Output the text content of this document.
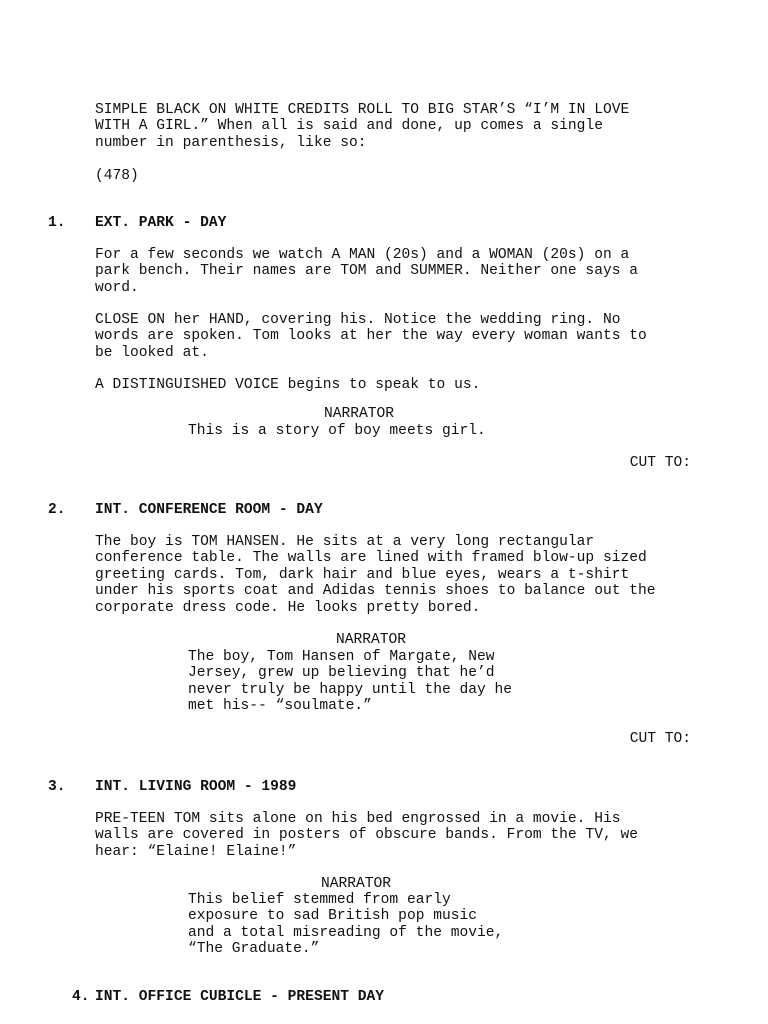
SIMPLE BLACK ON WHITE CREDITS ROLL TO BIG STAR’S “I’M IN LOVE
WITH A GIRL.” When all is said and done, up comes a single
number in parenthesis, like so:

(478)

1. EXT. PARK - DAY

For a few seconds we watch A MAN (20s) and a WOMAN (20s) on a
park bench. Their names are TOM and SUMMER. Neither one says a
word.

CLOSE ON her HAND, covering his. Notice the wedding ring. No
words are spoken. Tom looks at her the way every woman wants to
be looked at.

A DISTINGUISHED VOICE begins to speak to us.

NARRATOR

This is a story of boy meets girl.

CUT TO:

2. INT. CONFERENCE ROOM - DAY

The boy is TOM HANSEN. He sits at a very long rectangular
conference table. The walls are lined with framed blow-up sized
greeting cards. Tom, dark hair and blue eyes, wears a t-shirt
under his sports coat and Adidas tennis shoes to balance out the
corporate dress code. He looks pretty bored.

NARRATOR

The boy, Tom Hansen of Margate, New
Jersey, grew up believing that he’d
never truly be happy until the day he
met his-- “soulmate.”

CUT TO:

3. INT. LIVING ROOM - 1989

PRE-TEEN TOM sits alone on his bed engrossed in a movie. His
walls are covered in posters of obscure bands. From the TV, we
hear: “Elaine! Elaine!”

NARRATOR

This belief stemmed from early
exposure to sad British pop music
and a total misreading of the movie,
“The Graduate.”

4. INT. OFFICE CUBICLE - PRESENT DAY
